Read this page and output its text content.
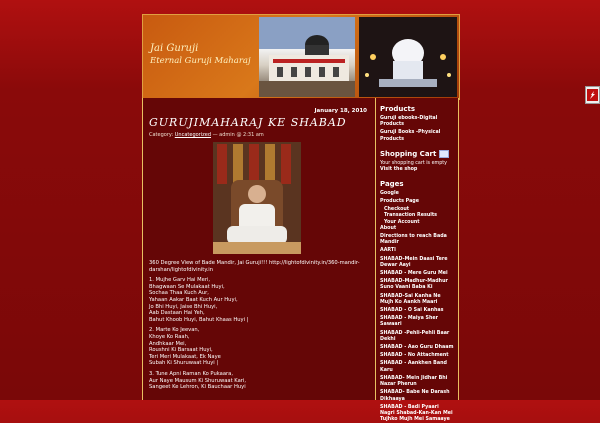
Jai Guruji
Eternal Guruji Maharaj
January 18, 2010
GURUJIMAHARAJ KE SHABAD
Category: Uncategorized — admin @ 2:31 am

360 Degree View of Bade Mandir, Jai Guruji!!! http://lightofdivinity.in/360-mandir-darshan/lightofdivinity.in

1. Mujhe Garv Hai Meri,
Bhagwaan Se Mulakaat Huyi,
Sochaa Thaa Kuch Aur,
Yahaan Aakar Baat Kuch Aur Huyi,
Jo Bhi Huyi, Jaise Bhi Huyi,
Aab Dastaan Hai Yeh,
Bahut Khoob Huyi, Bahut Khaas Huyi |

2. Marte Ko Jeevan,
Khoye Ko Raah,
Andhkaar Mei,
Roushni Ki Barsaat Huyi,
Teri Meri Mulakaat, Ek Naye
Subah Ki Shuruwaat Huyi |

3. Tune Apni Raman Ko Pukaara,
Aur Naye Mausum Ki Shuruwaat Kari,
Sangeet Ke Lehron, Ki Bauchaar Huyi

Products
Guruji ebooks-Digital Products
Guruji Books -Physical Products
Shopping Cart
Your shopping cart is empty
Visit the shop
Pages
Google
Products Page
Checkout
Transaction Results
Your Account
About
Directions to reach Bada Mandir
AARTI
SHABAD-Mein Daasi Tere Dewar Aayi
SHABAD - Mere Guru Mei
SHABAD-Madhur-Madhur Suno Vaani Baba Ki
SHABAD-Sai Kanha Ne Mujh Ko Aankh Maari
SHABAD - O Sai Kanhas
SHABAD - Maiya Sher Sawaari
SHABAD -Pehli-Pehli Baar Dekhi
SHABAD - Aao Guru Dhaam
SHABAD - No Attachment
SHABAD - Aankhen Band Karu
SHABAD- Mein Jidhar Bhi Nazar Pherun
SHABAD- Babe Ne Darash Dikhaaya
SHABAD - Badi Pyaari Nagri Shabad-Kan-Kan Mei Tujhko Mujh Mei Samaaye
